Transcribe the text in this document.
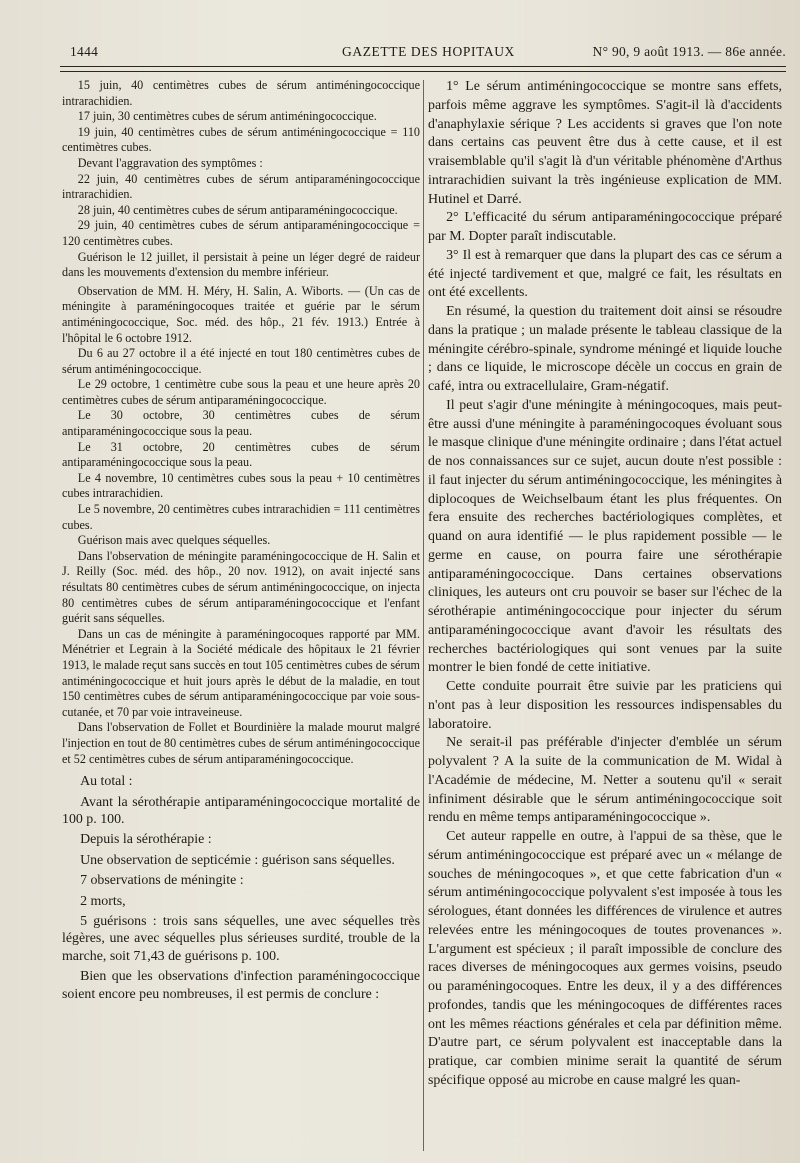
1444	GAZETTE DES HOPITAUX	N° 90, 9 août 1913. — 86e année.

15 juin, 40 centimètres cubes de sérum antiméningococcique intrarachidien.

17 juin, 30 centimètres cubes de sérum antiméningococcique.

19 juin, 40 centimètres cubes de sérum antiméningococcique = 110 centimètres cubes.

Devant l'aggravation des symptômes :

22 juin, 40 centimètres cubes de sérum antiparaméningococcique intrarachidien.

28 juin, 40 centimètres cubes de sérum antiparaméningococcique.

29 juin, 40 centimètres cubes de sérum antiparaméningococcique = 120 centimètres cubes.

Guérison le 12 juillet, il persistait à peine un léger degré de raideur dans les mouvements d'extension du membre inférieur.

Observation de MM. H. Méry, H. Salin, A. Wiborts. — (Un cas de méningite à paraméningocoques traitée et guérie par le sérum antiméningococcique, Soc. méd. des hôp., 21 fév. 1913.) Entrée à l'hôpital le 6 octobre 1912.

Du 6 au 27 octobre il a été injecté en tout 180 centimètres cubes de sérum antiméningococcique.

Le 29 octobre, 1 centimètre cube sous la peau et une heure après 20 centimètres cubes de sérum antiparaméningococcique.

Le 30 octobre, 30 centimètres cubes de sérum antiparaméningococcique sous la peau.

Le 31 octobre, 20 centimètres cubes de sérum antiparaméningococcique sous la peau.

Le 4 novembre, 10 centimètres cubes sous la peau + 10 centimètres cubes intrarachidien.

Le 5 novembre, 20 centimètres cubes intrarachidien = 111 centimètres cubes.

Guérison mais avec quelques séquelles.

Dans l'observation de méningite paraméningococcique de H. Salin et J. Reilly (Soc. méd. des hôp., 20 nov. 1912), on avait injecté sans résultats 80 centimètres cubes de sérum antiméningococcique, on injecta 80 centimètres cubes de sérum antiparaméningococcique et l'enfant guérit sans séquelles.

Dans un cas de méningite à paraméningocoques rapporté par MM. Ménétrier et Legrain à la Société médicale des hôpitaux le 21 février 1913, le malade reçut sans succès en tout 105 centimètres cubes de sérum antiméningococcique et huit jours après le début de la maladie, en tout 150 centimètres cubes de sérum antiparaméningococcique par voie sous-cutanée, et 70 par voie intraveineuse.

Dans l'observation de Follet et Bourdinière la malade mourut malgré l'injection en tout de 80 centimètres cubes de sérum antiméningococcique et 52 centimètres cubes de sérum antiparaméningococcique.

Au total :

Avant la sérothérapie antiparaméningococcique mortalité de 100 p. 100.

Depuis la sérothérapie :

Une observation de septicémie : guérison sans séquelles.

7 observations de méningite :

2 morts,

5 guérisons : trois sans séquelles, une avec séquelles très légères, une avec séquelles plus sérieuses surdité, trouble de la marche, soit 71,43 de guérisons p. 100.

Bien que les observations d'infection paraméningococcique soient encore peu nombreuses, il est permis de conclure :

1° Le sérum antiméningococcique se montre sans effets, parfois même aggrave les symptômes. S'agit-il là d'accidents d'anaphylaxie sérique ? Les accidents si graves que l'on note dans certains cas peuvent être dus à cette cause, et il est vraisemblable qu'il s'agit là d'un véritable phénomène d'Arthus intrarachidien suivant la très ingénieuse explication de MM. Hutinel et Darré.

2° L'efficacité du sérum antiparaméningococcique préparé par M. Dopter paraît indiscutable.

3° Il est à remarquer que dans la plupart des cas ce sérum a été injecté tardivement et que, malgré ce fait, les résultats en ont été excellents.

En résumé, la question du traitement doit ainsi se résoudre dans la pratique ; un malade présente le tableau classique de la méningite cérébro-spinale, syndrome méningé et liquide louche ; dans ce liquide, le microscope décèle un coccus en grain de café, intra ou extracellulaire, Gram-négatif.

Il peut s'agir d'une méningite à méningocoques, mais peut-être aussi d'une méningite à paraméningocoques évoluant sous le masque clinique d'une méningite ordinaire ; dans l'état actuel de nos connaissances sur ce sujet, aucun doute n'est possible : il faut injecter du sérum antiméningococcique, les méningites à diplocoques de Weichselbaum étant les plus fréquentes. On fera ensuite des recherches bactériologiques complètes, et quand on aura identifié — le plus rapidement possible — le germe en cause, on pourra faire une sérothérapie antiparaméningococcique. Dans certaines observations cliniques, les auteurs ont cru pouvoir se baser sur l'échec de la sérothérapie antiméningococcique pour injecter du sérum antiparaméningococcique avant d'avoir les résultats des recherches bactériologiques qui sont venues par la suite montrer le bien fondé de cette initiative.

Cette conduite pourrait être suivie par les praticiens qui n'ont pas à leur disposition les ressources indispensables du laboratoire.

Ne serait-il pas préférable d'injecter d'emblée un sérum polyvalent ? A la suite de la communication de M. Widal à l'Académie de médecine, M. Netter a soutenu qu'il « serait infiniment désirable que le sérum antiméningococcique soit rendu en même temps antiparaméningococcique ».

Cet auteur rappelle en outre, à l'appui de sa thèse, que le sérum antiméningococcique est préparé avec un « mélange de souches de méningocoques », et que cette fabrication d'un « sérum antiméningococcique polyvalent s'est imposée à tous les sérologues, étant données les différences de virulence et autres relevées entre les méningocoques de toutes provenances ». L'argument est spécieux ; il paraît impossible de conclure des races diverses de méningocoques aux germes voisins, pseudo ou paraméningocoques. Entre les deux, il y a des différences profondes, tandis que les méningocoques de différentes races ont les mêmes réactions générales et cela par définition même. D'autre part, ce sérum polyvalent est inacceptable dans la pratique, car combien minime serait la quantité de sérum spécifique opposé au microbe en cause malgré les quan-
